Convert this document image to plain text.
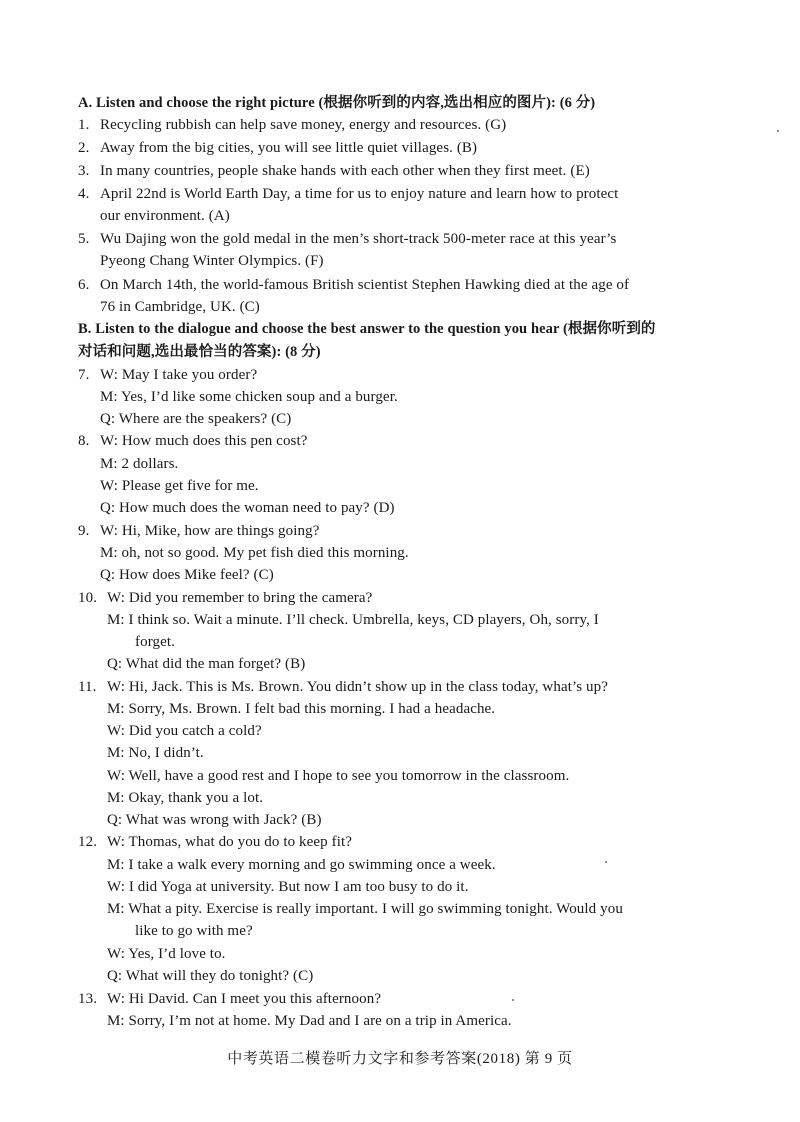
A. Listen and choose the right picture (根据你听到的内容,选出相应的图片): (6 分)
1. Recycling rubbish can help save money, energy and resources. (G)
2. Away from the big cities, you will see little quiet villages. (B)
3. In many countries, people shake hands with each other when they first meet. (E)
4. April 22nd is World Earth Day, a time for us to enjoy nature and learn how to protect
our environment. (A)
5. Wu Dajing won the gold medal in the men’s short-track 500-meter race at this year’s
Pyeong Chang Winter Olympics. (F)
6. On March 14th, the world-famous British scientist Stephen Hawking died at the age of
76 in Cambridge, UK. (C)
B. Listen to the dialogue and choose the best answer to the question you hear (根据你听到的
对话和问题,选出最恰当的答案): (8 分)
7. W: May I take you order?
M: Yes, I’d like some chicken soup and a burger.
Q: Where are the speakers? (C)
8. W: How much does this pen cost?
M: 2 dollars.
W: Please get five for me.
Q: How much does the woman need to pay? (D)
9. W: Hi, Mike, how are things going?
M: oh, not so good. My pet fish died this morning.
Q: How does Mike feel? (C)
10. W: Did you remember to bring the camera?
M: I think so. Wait a minute. I’ll check. Umbrella, keys, CD players, Oh, sorry, I
forget.
Q: What did the man forget? (B)
11. W: Hi, Jack. This is Ms. Brown. You didn’t show up in the class today, what’s up?
M: Sorry, Ms. Brown. I felt bad this morning. I had a headache.
W: Did you catch a cold?
M: No, I didn’t.
W: Well, have a good rest and I hope to see you tomorrow in the classroom.
M: Okay, thank you a lot.
Q: What was wrong with Jack? (B)
12. W: Thomas, what do you do to keep fit?
M: I take a walk every morning and go swimming once a week.
W: I did Yoga at university. But now I am too busy to do it.
M: What a pity. Exercise is really important. I will go swimming tonight. Would you
like to go with me?
W: Yes, I’d love to.
Q: What will they do tonight? (C)
13. W: Hi David. Can I meet you this afternoon?
M: Sorry, I’m not at home. My Dad and I are on a trip in America.
中考英语二模卷听力文字和参考答案(2018) 第 9 页
